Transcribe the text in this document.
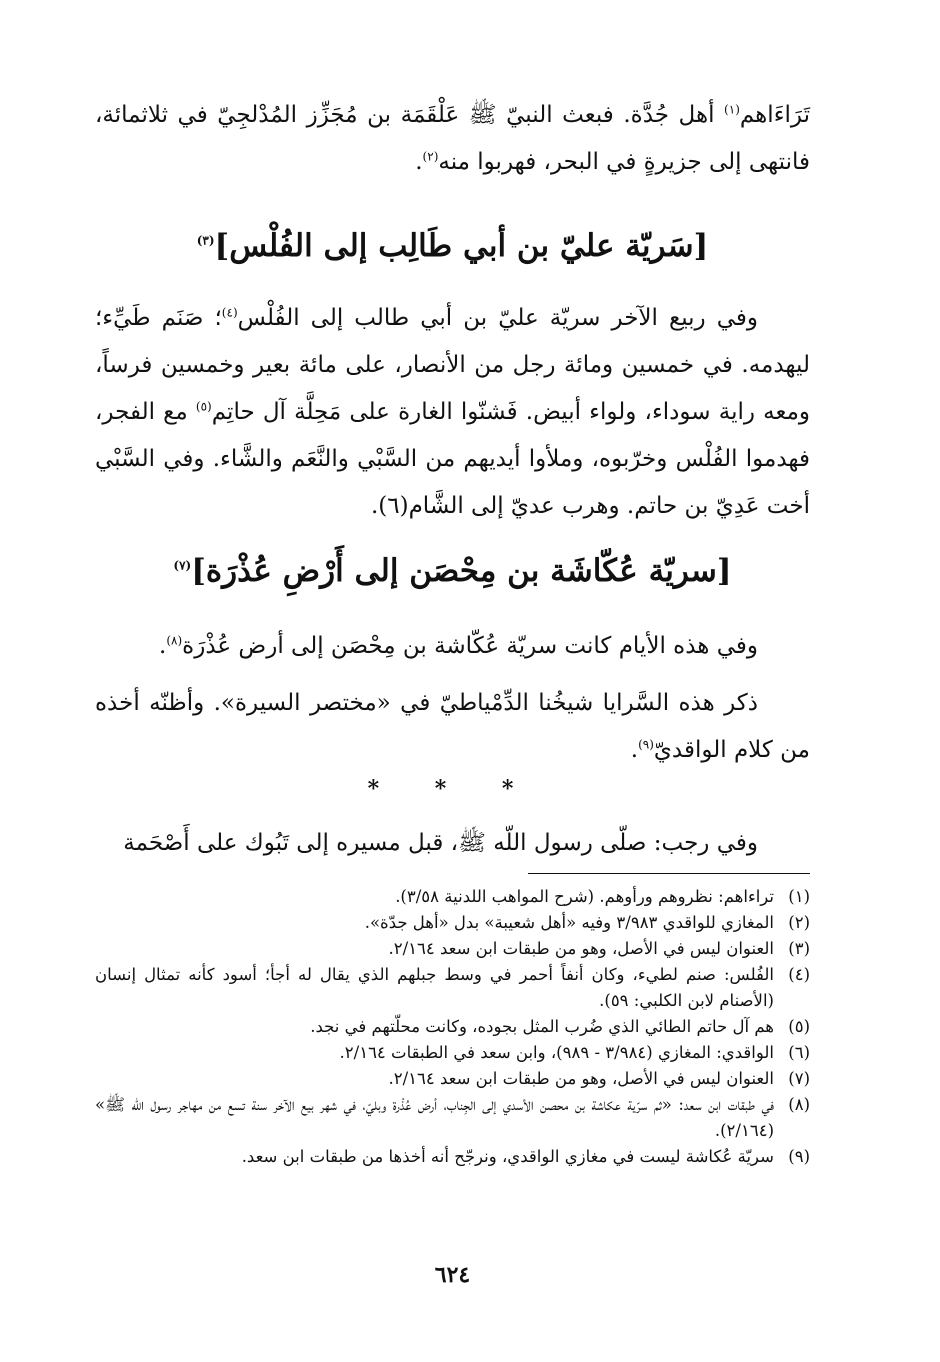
تَرَاءَاهم$^{(١)}$ أهل جُدَّة. فبعث النبيّ ﷺ عَلْقَمَة بن مُجَزِّز المُدْلجِيّ في ثلاثمائة، فانتهى إلى جزيرةٍ في البحر، فهربوا منه$^{(٢)}$.

[سَريّة عليّ بن أبي طَالِب إلى الفُلْس]$^{(٣)}$

وفي ربيع الآخر سريّة عليّ بن أبي طالب إلى الفُلْس$^{(٤)}$؛ صَنَم طَيِّء؛ ليهدمه. في خمسين ومائة رجل من الأنصار، على مائة بعير وخمسين فرساً، ومعه راية سوداء، ولواء أبيض. فَشنّوا الغارة على مَحِلَّة آل حاتِم$^{(٥)}$ مع الفجر، فهدموا الفُلْس وخرّبوه، وملأوا أيديهم من السَّبْي والنَّعَم والشَّاء. وفي السَّبْي أخت عَدِيّ بن حاتم. وهرب عديّ إلى الشَّام(٦).

[سريّة عُكّاشَة بن مِحْصَن إلى أَرْضِ عُذْرَة]$^{(٧)}$

وفي هذه الأيام كانت سريّة عُكّاشة بن مِحْصَن إلى أرض عُذْرَة$^{(٨)}$.

ذكر هذه السَّرايا شيخُنا الدِّمْياطيّ في «مختصر السيرة». وأظنّه أخذه من كلام الواقديّ$^{(٩)}$.

* * *

وفي رجب: صلّى رسول اللّه ﷺ، قبل مسيره إلى تَبُوك على أَصْحَمة

(١)
تراءاهم: نظروهم ورأوهم. (شرح المواهب اللدنية ٣/٥٨).
(٢)
المغازي للواقدي ٣/٩٨٣ وفيه «أهل شعيبة» بدل «أهل جدّة».
(٣)
العنوان ليس في الأصل، وهو من طبقات ابن سعد ٢/١٦٤.
(٤)
الفُلس: صنم لطيء، وكان أنفاً أحمر في وسط جبلهم الذي يقال له أجأ؛ أسود كأنه تمثال إنسان (الأصنام لابن الكلبي: ٥٩).
(٥)
هم آل حاتم الطائي الذي ضُرب المثل بجوده، وكانت محلّتهم في نجد.
(٦)
الواقدي: المغازي (٣/٩٨٤ - ٩٨٩)، وابن سعد في الطبقات ٢/١٦٤.
(٧)
العنوان ليس في الأصل، وهو من طبقات ابن سعد ٢/١٦٤.
(٨)
في طبقات ابن سعد: «ثم سرّية عكاشة بن محصن الأسدي إلى الجِناب، أرض عُذْرة وبليّ، في شهر بيع الآخر سنة تسع من مهاجر رسول اللّه ﷺ» (٢/١٦٤).
(٩)
سريّة عُكاشة ليست في مغازي الواقدي، ونرجّح أنه أخذها من طبقات ابن سعد.
٦٢٤
